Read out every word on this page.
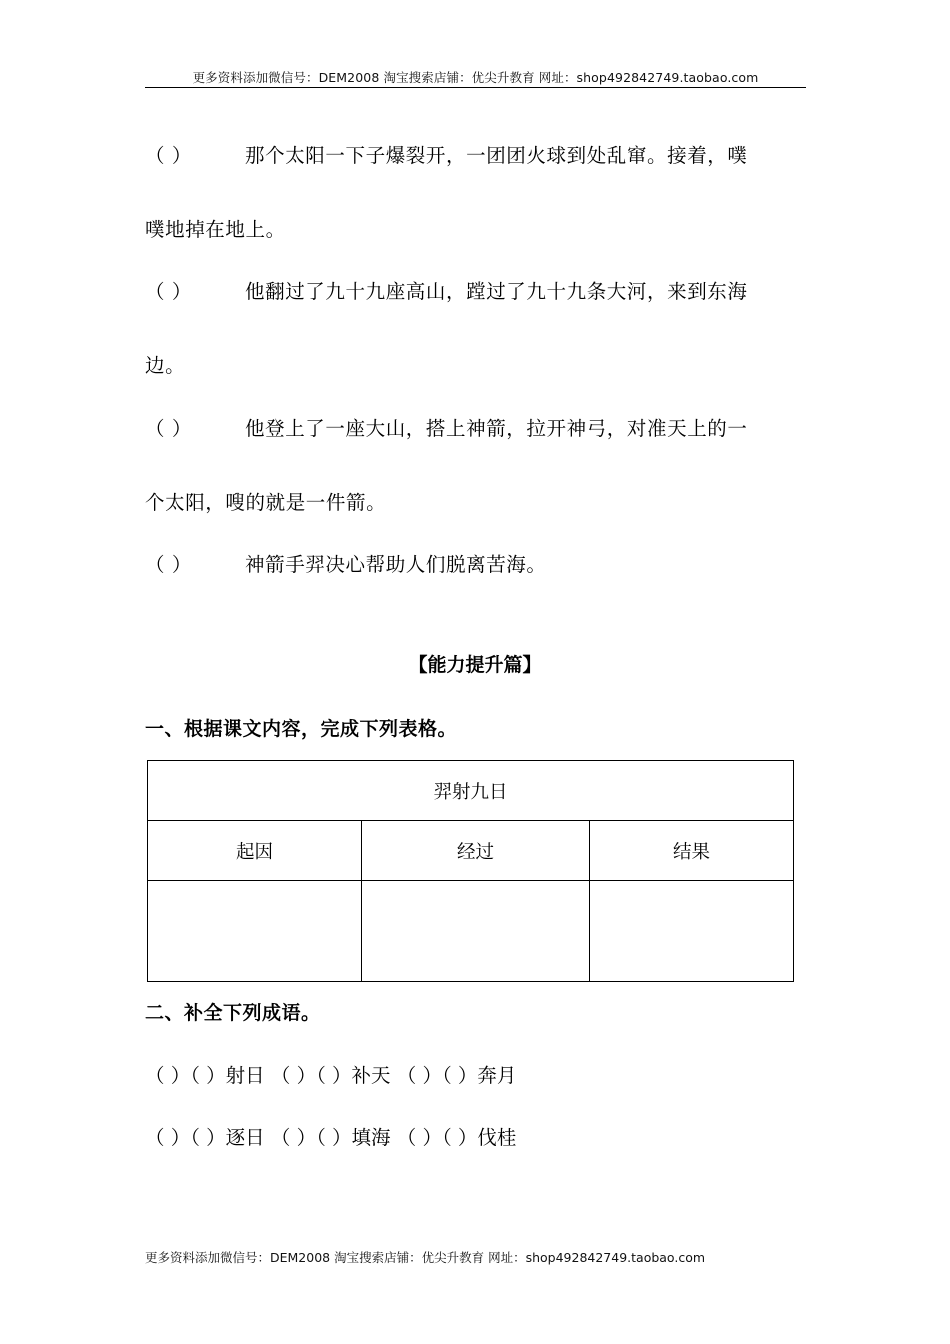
更多资料添加微信号：DEM2008 淘宝搜索店铺：优尖升教育 网址：shop492842749.taobao.com
（ ）	那个太阳一下子爆裂开，一团团火球到处乱窜。接着，噗
噗地掉在地上。
（ ）	他翻过了九十九座高山，蹚过了九十九条大河，来到东海
边。
（ ）	他登上了一座大山，搭上神箭，拉开神弓，对准天上的一
个太阳，嗖的就是一件箭。
（ ）	神箭手羿决心帮助人们脱离苦海。
【能力提升篇】
一、根据课文内容，完成下列表格。
羿射九日		
起因	经过	结果

二、补全下列成语。
（ ）（ ）射日 （ ）（ ）补天 （ ）（ ）奔月
（ ）（ ）逐日 （ ）（ ）填海 （ ）（ ）伐桂
更多资料添加微信号：DEM2008 淘宝搜索店铺：优尖升教育 网址：shop492842749.taobao.com
